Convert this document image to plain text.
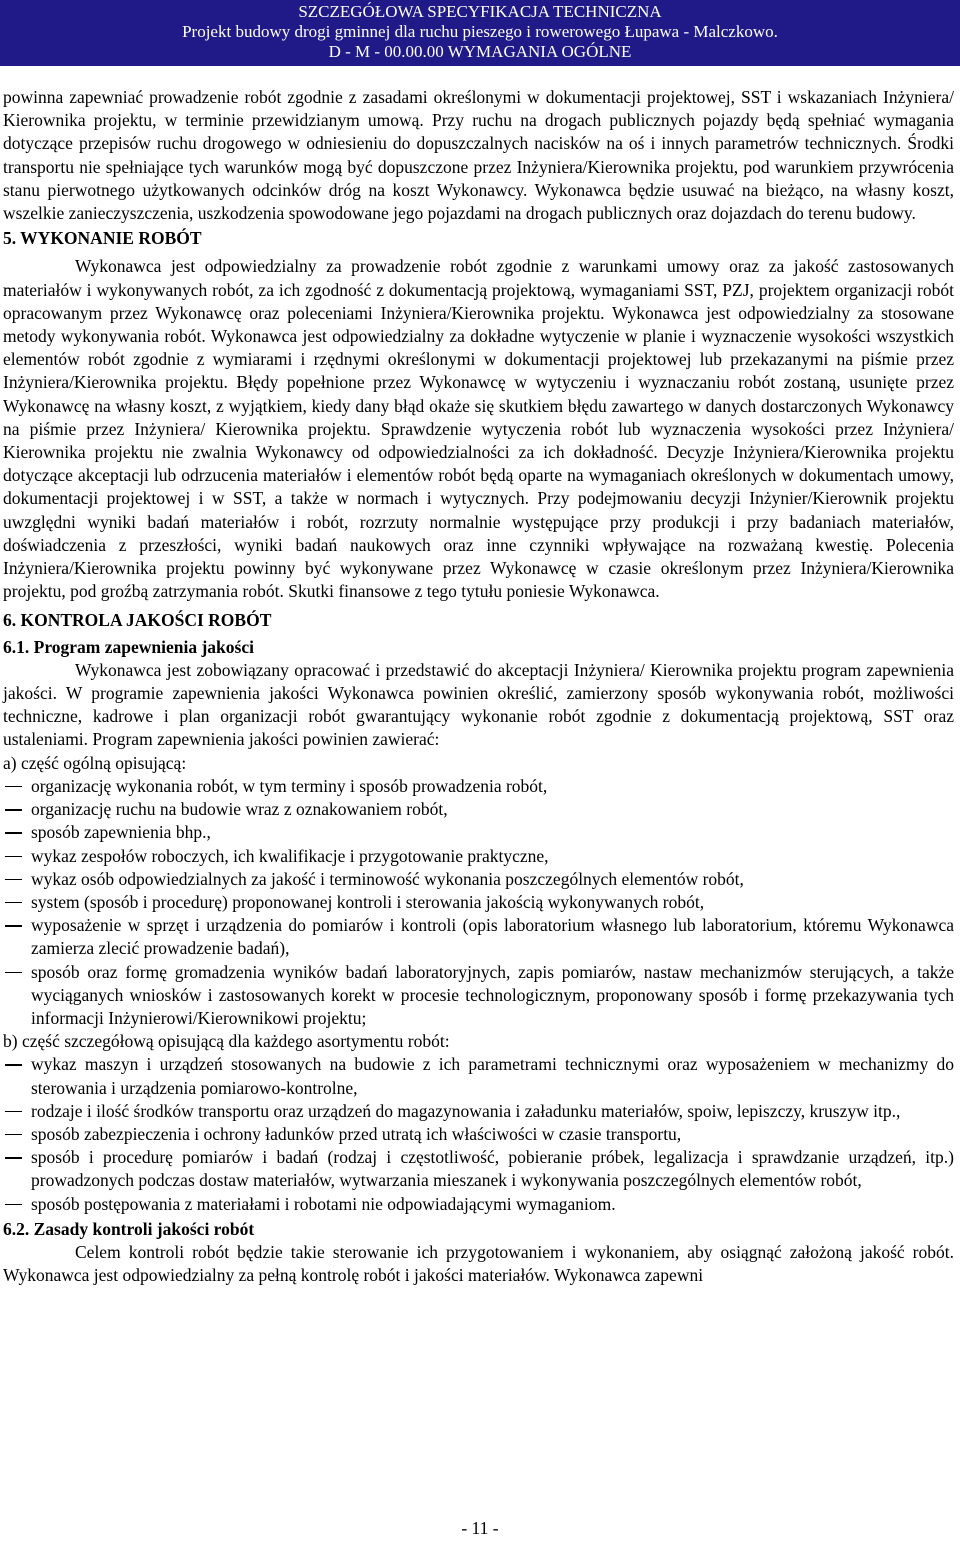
SZCZEGÓŁOWA SPECYFIKACJA TECHNICZNA
Projekt budowy drogi gminnej dla ruchu pieszego i rowerowego Łupawa - Malczkowo.
D - M - 00.00.00 WYMAGANIA OGÓLNE

powinna zapewniać prowadzenie robót zgodnie z zasadami określonymi w dokumentacji projektowej, SST i wskazaniach Inżyniera/ Kierownika projektu, w terminie przewidzianym umową. Przy ruchu na drogach publicznych pojazdy będą spełniać wymagania dotyczące przepisów ruchu drogowego w odniesieniu do dopuszczalnych nacisków na oś i innych parametrów technicznych. Środki transportu nie spełniające tych warunków mogą być dopuszczone przez Inżyniera/Kierownika projektu, pod warunkiem przywrócenia stanu pierwotnego użytkowanych odcinków dróg na koszt Wykonawcy. Wykonawca będzie usuwać na bieżąco, na własny koszt, wszelkie zanieczyszczenia, uszkodzenia spowodowane jego pojazdami na drogach publicznych oraz dojazdach do terenu budowy.

5. WYKONANIE ROBÓT

Wykonawca jest odpowiedzialny za prowadzenie robót zgodnie z warunkami umowy oraz za jakość zastosowanych materiałów i wykonywanych robót, za ich zgodność z dokumentacją projektową, wymaganiami SST, PZJ, projektem organizacji robót opracowanym przez Wykonawcę oraz poleceniami Inżyniera/Kierownika projektu. Wykonawca jest odpowiedzialny za stosowane metody wykonywania robót. Wykonawca jest odpowiedzialny za dokładne wytyczenie w planie i wyznaczenie wysokości wszystkich elementów robót zgodnie z wymiarami i rzędnymi określonymi w dokumentacji projektowej lub przekazanymi na piśmie przez Inżyniera/Kierownika projektu. Błędy popełnione przez Wykonawcę w wytyczeniu i wyznaczaniu robót zostaną, usunięte przez Wykonawcę na własny koszt, z wyjątkiem, kiedy dany błąd okaże się skutkiem błędu zawartego w danych dostarczonych Wykonawcy na piśmie przez Inżyniera/ Kierownika projektu. Sprawdzenie wytyczenia robót lub wyznaczenia wysokości przez Inżyniera/ Kierownika projektu nie zwalnia Wykonawcy od odpowiedzialności za ich dokładność. Decyzje Inżyniera/Kierownika projektu dotyczące akceptacji lub odrzucenia materiałów i elementów robót będą oparte na wymaganiach określonych w dokumentach umowy, dokumentacji projektowej i w SST, a także w normach i wytycznych. Przy podejmowaniu decyzji Inżynier/Kierownik projektu uwzględni wyniki badań materiałów i robót, rozrzuty normalnie występujące przy produkcji i przy badaniach materiałów, doświadczenia z przeszłości, wyniki badań naukowych oraz inne czynniki wpływające na rozważaną kwestię. Polecenia Inżyniera/Kierownika projektu powinny być wykonywane przez Wykonawcę w czasie określonym przez Inżyniera/Kierownika projektu, pod groźbą zatrzymania robót. Skutki finansowe z tego tytułu poniesie Wykonawca.

6. KONTROLA JAKOŚCI ROBÓT
6.1. Program zapewnienia jakości

Wykonawca jest zobowiązany opracować i przedstawić do akceptacji Inżyniera/ Kierownika projektu program zapewnienia jakości. W programie zapewnienia jakości Wykonawca powinien określić, zamierzony sposób wykonywania robót, możliwości techniczne, kadrowe i plan organizacji robót gwarantujący wykonanie robót zgodnie z dokumentacją projektową, SST oraz ustaleniami. Program zapewnienia jakości powinien zawierać:

a) część ogólną opisującą:

organizację wykonania robót, w tym terminy i sposób prowadzenia robót,
organizację ruchu na budowie wraz z oznakowaniem robót,
sposób zapewnienia bhp.,
wykaz zespołów roboczych, ich kwalifikacje i przygotowanie praktyczne,
wykaz osób odpowiedzialnych za jakość i terminowość wykonania poszczególnych elementów robót,
system (sposób i procedurę) proponowanej kontroli i sterowania jakością wykonywanych robót,
wyposażenie w sprzęt i urządzenia do pomiarów i kontroli (opis laboratorium własnego lub laboratorium, któremu Wykonawca zamierza zlecić prowadzenie badań),
sposób oraz formę gromadzenia wyników badań laboratoryjnych, zapis pomiarów, nastaw mechanizmów sterujących, a także wyciąganych wniosków i zastosowanych korekt w procesie technologicznym, proponowany sposób i formę przekazywania tych informacji Inżynierowi/Kierownikowi projektu;

b) część szczegółową opisującą dla każdego asortymentu robót:

wykaz maszyn i urządzeń stosowanych na budowie z ich parametrami technicznymi oraz wyposażeniem w mechanizmy do sterowania i urządzenia pomiarowo-kontrolne,
rodzaje i ilość środków transportu oraz urządzeń do magazynowania i załadunku materiałów, spoiw, lepiszczy, kruszyw itp.,
sposób zabezpieczenia i ochrony ładunków przed utratą ich właściwości w czasie transportu,
sposób i procedurę pomiarów i badań (rodzaj i częstotliwość, pobieranie próbek, legalizacja i sprawdzanie urządzeń, itp.) prowadzonych podczas dostaw materiałów, wytwarzania mieszanek i wykonywania poszczególnych elementów robót,
sposób postępowania z materiałami i robotami nie odpowiadającymi wymaganiom.
6.2. Zasady kontroli jakości robót

Celem kontroli robót będzie takie sterowanie ich przygotowaniem i wykonaniem, aby osiągnąć założoną jakość robót. Wykonawca jest odpowiedzialny za pełną kontrolę robót i jakości materiałów. Wykonawca zapewni

- 11 -
